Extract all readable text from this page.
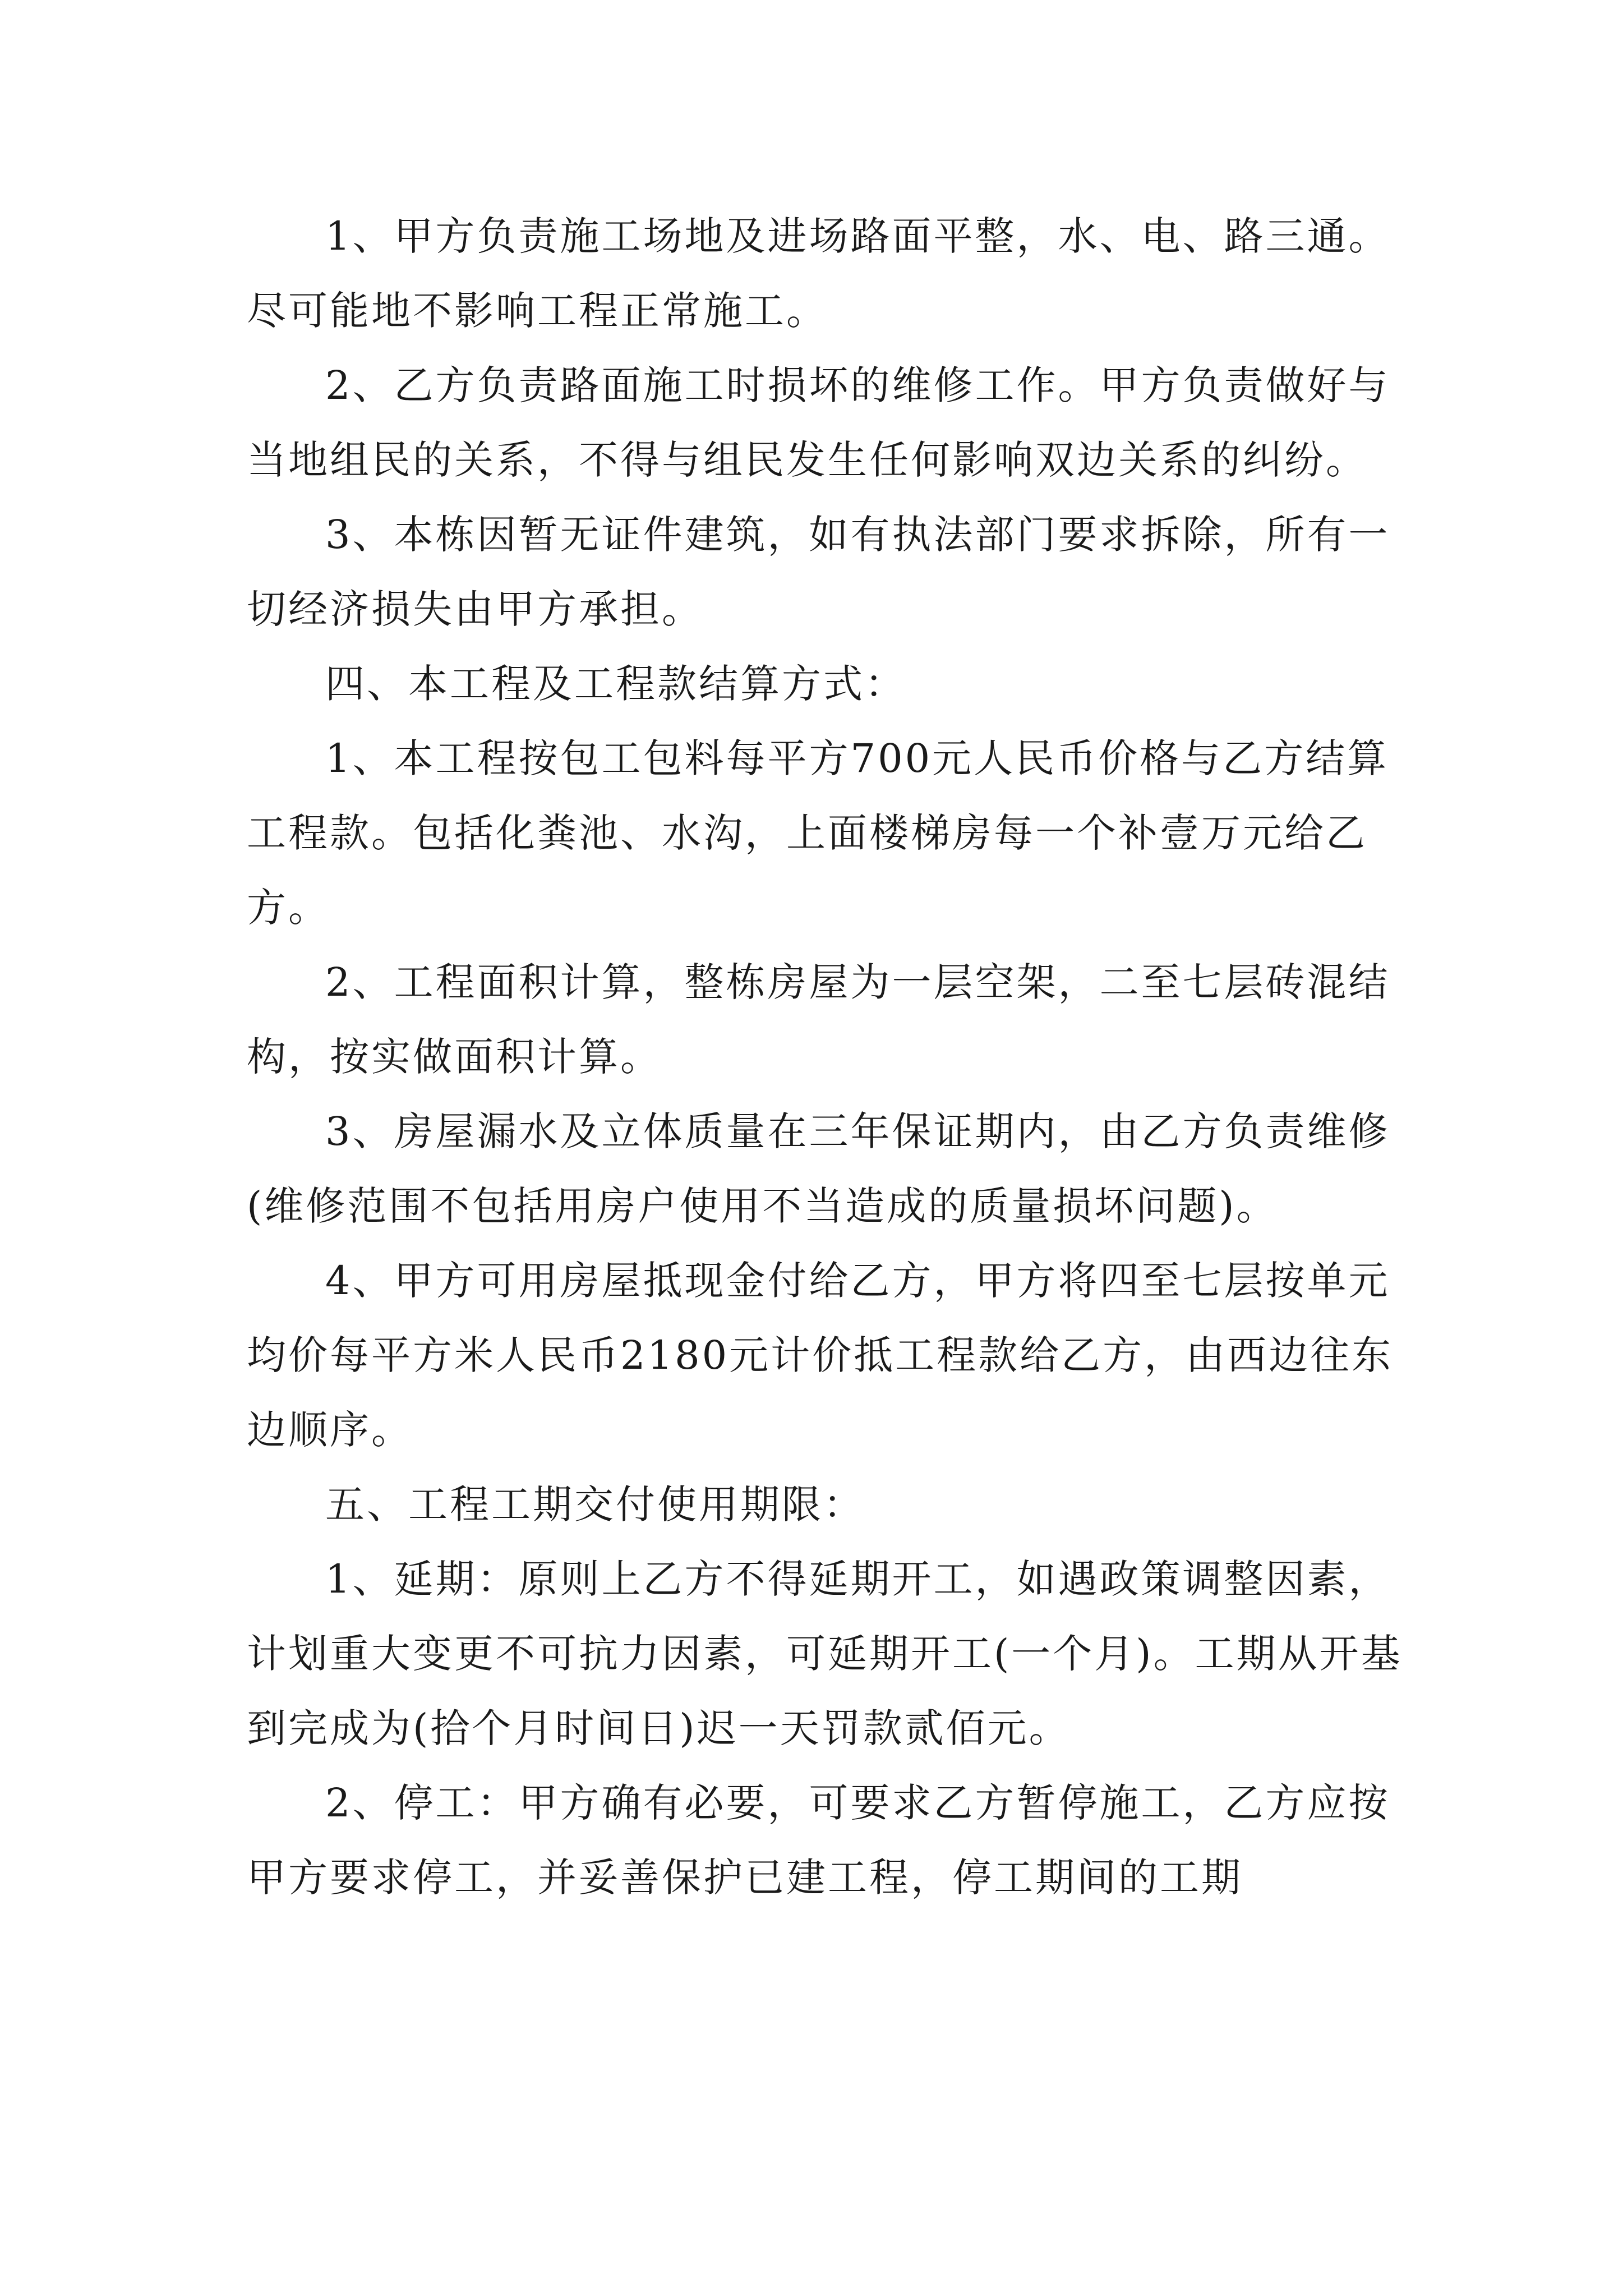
1、甲方负责施工场地及进场路面平整，水、电、路三通。尽可能地不影响工程正常施工。

2、乙方负责路面施工时损坏的维修工作。甲方负责做好与当地组民的关系，不得与组民发生任何影响双边关系的纠纷。

3、本栋因暂无证件建筑，如有执法部门要求拆除，所有一切经济损失由甲方承担。

四、本工程及工程款结算方式：

1、本工程按包工包料每平方700元人民币价格与乙方结算工程款。包括化粪池、水沟，上面楼梯房每一个补壹万元给乙方。

2、工程面积计算，整栋房屋为一层空架，二至七层砖混结构，按实做面积计算。

3、房屋漏水及立体质量在三年保证期内，由乙方负责维修(维修范围不包括用房户使用不当造成的质量损坏问题)。

4、甲方可用房屋抵现金付给乙方，甲方将四至七层按单元均价每平方米人民币2180元计价抵工程款给乙方，由西边往东边顺序。

五、工程工期交付使用期限：

1、延期：原则上乙方不得延期开工，如遇政策调整因素，计划重大变更不可抗力因素，可延期开工(一个月)。工期从开基到完成为(拾个月时间日)迟一天罚款贰佰元。

2、停工：甲方确有必要，可要求乙方暂停施工，乙方应按甲方要求停工，并妥善保护已建工程，停工期间的工期
